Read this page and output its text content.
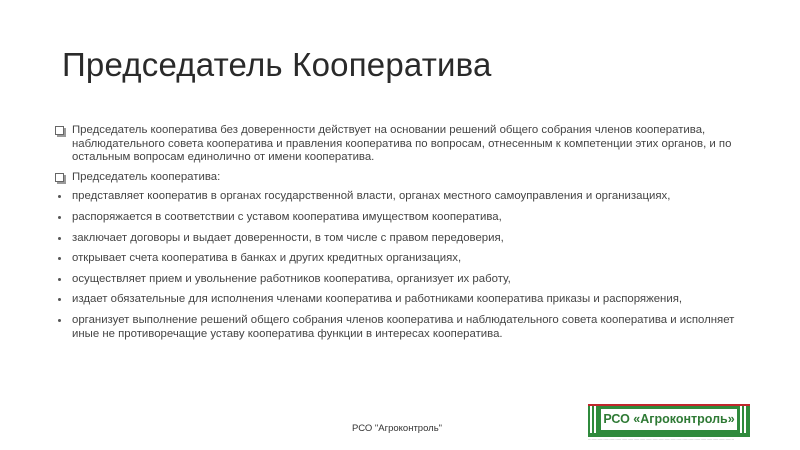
Председатель Кооператива
Председатель кооператива без доверенности действует на основании решений общего собрания членов кооператива, наблюдательного совета кооператива и правления кооператива по вопросам, отнесенным к компетенции этих органов, и по остальным вопросам единолично от имени кооператива.
Председатель кооператива:
представляет кооператив в органах государственной власти, органах местного самоуправления и организациях,
распоряжается в соответствии с уставом кооператива имуществом кооператива,
заключает договоры и выдает доверенности, в том числе с правом передоверия,
открывает счета кооператива в банках и других кредитных организациях,
осуществляет прием и увольнение работников кооператива, организует их работу,
издает обязательные для исполнения членами кооператива и работниками кооператива приказы и распоряжения,
организует выполнение решений общего собрания членов кооператива и наблюдательного совета кооператива и исполняет иные не противоречащие уставу кооператива функции в интересах кооператива.
РСО "Агроконтроль"
РСО «Агроконтроль»
··························································································································
